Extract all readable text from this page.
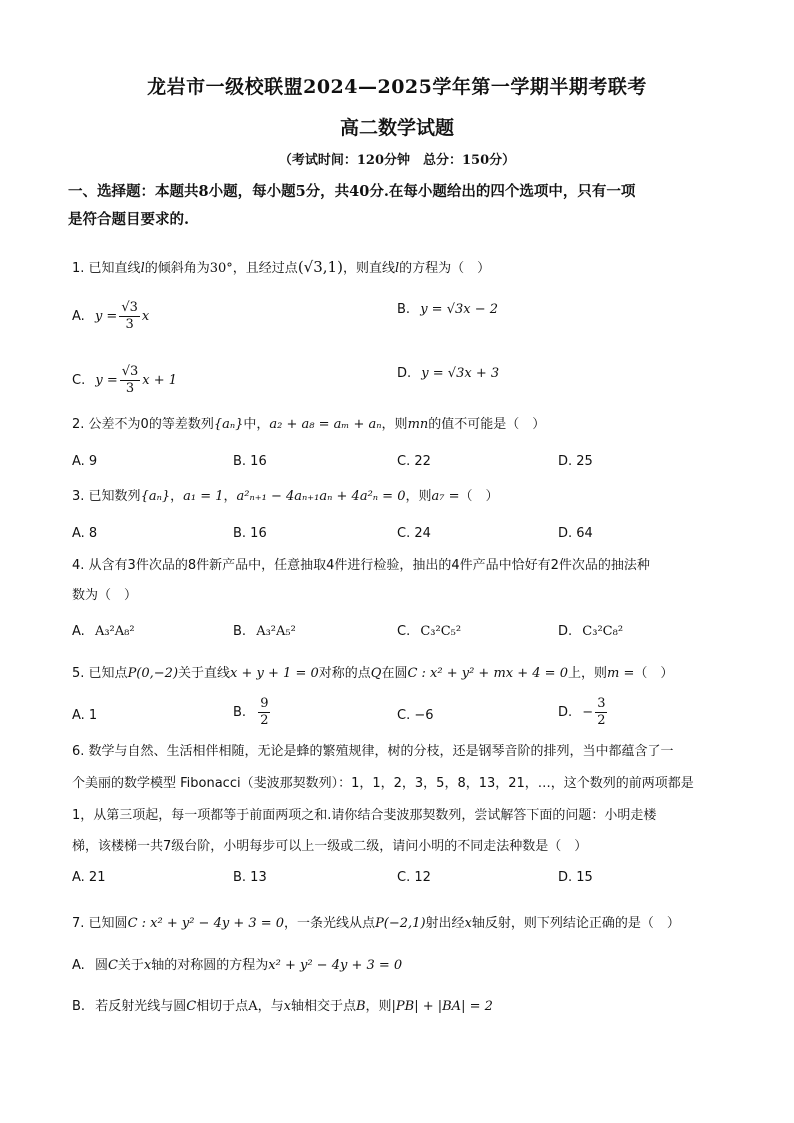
龙岩市一级校联盟2024—2025学年第一学期半期考联考
高二数学试题
（考试时间：120分钟　总分：150分）
一、选择题：本题共8小题，每小题5分，共40分.在每小题给出的四个选项中，只有一项
是符合题目要求的.
1. 已知直线l的倾斜角为30°，且经过点(√3,1)，则直线l的方程为（　）
A. $y = \frac{√3}{3}$ x	B. y = √3x − 2
C. $y = \frac{√3}{3}$ x + 1	D. y = √3x + 3
2. 公差不为0的等差数列{aₙ}中，a₂ + a₈ = aₘ + aₙ，则mn的值不可能是（　）
A. 9	B. 16	C. 22	D. 25
3. 已知数列{aₙ}，a₁ = 1，a²ₙ₊₁ − 4aₙ₊₁aₙ + 4a²ₙ = 0，则a₇ =（　）
A. 8	B. 16	C. 24	D. 64
4. 从含有3件次品的8件新产品中，任意抽取4件进行检验，抽出的4件产品中恰好有2件次品的抽法种
数为（　）
A. A₃²A₈²	B. A₃²A₅²	C. C₃²C₅²	D. C₃²C₈²
5. 已知点P(0,−2)关于直线x + y + 1 = 0对称的点Q在圆C : x² + y² + mx + 4 = 0上，则m =（　）
A. 1	B. $\frac{9}{2}$	C. −6	D. − $\frac{3}{2}$
6. 数学与自然、生活相伴相随，无论是蜂的繁殖规律，树的分枝，还是钢琴音阶的排列，当中都蕴含了一
个美丽的数学模型 Fibonacci（斐波那契数列）：1，1，2，3，5，8，13，21，…，这个数列的前两项都是
1，从第三项起，每一项都等于前面两项之和.请你结合斐波那契数列，尝试解答下面的问题：小明走楼
梯，该楼梯一共7级台阶，小明每步可以上一级或二级，请问小明的不同走法种数是（　）
A. 21	B. 13	C. 12	D. 15
7. 已知圆C : x² + y² − 4y + 3 = 0，一条光线从点P(−2,1)射出经x轴反射，则下列结论正确的是（　）
A. 圆C关于x轴的对称圆的方程为x² + y² − 4y + 3 = 0
B. 若反射光线与圆C相切于点A，与x轴相交于点B，则|PB| + |BA| = 2
